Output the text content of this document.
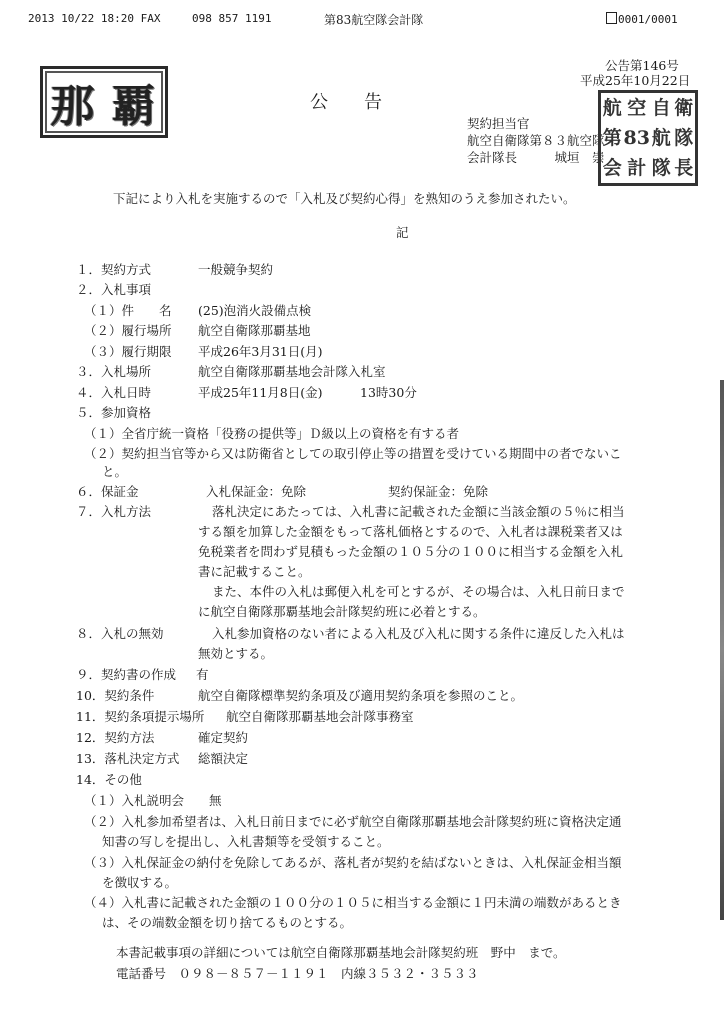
2013 10/22 18:20 FAX	098 857 1191	第83航空隊会計隊	0001/0001
那 覇
公告第146号
平成25年10月22日
公　　告
契約担当官
航空自衛隊第８３航空隊
会計隊長　　　城垣　崇
航 空 自 衛
第 83 航 隊
会 計 隊 長
下記により入札を実施するので「入札及び契約心得」を熟知のうえ参加されたい。
記
１．契約方式	一般競争契約
２．入札事項
（１）件　　名 (25)泡消火設備点検
（２）履行場所 航空自衛隊那覇基地
（３）履行期限 平成26年3月31日(月)
３．入札場所	航空自衛隊那覇基地会計隊入札室
４．入札日時	平成25年11月8日(金)　　　13時30分
５．参加資格
（１）全省庁統一資格「役務の提供等」Ｄ級以上の資格を有する者
（２）契約担当官等から又は防衛省としての取引停止等の措置を受けている期間中の者でないこ
と。
６．保証金	入札保証金：免除	契約保証金：免除
７．入札方法	落札決定にあたっては、入札書に記載された金額に当該金額の５％に相当
する額を加算した金額をもって落札価格とするので、入札者は課税業者又は
免税業者を問わず見積もった金額の１０５分の１００に相当する金額を入札
書に記載すること。
また、本件の入札は郵便入札を可とするが、その場合は、入札日前日まで
に航空自衛隊那覇基地会計隊契約班に必着とする。
８．入札の無効	入札参加資格のない者による入札及び入札に関する条件に違反した入札は
無効とする。
９．契約書の作成 有
10．契約条件	航空自衛隊標準契約条項及び適用契約条項を参照のこと。
11．契約条項提示場所 航空自衛隊那覇基地会計隊事務室
12．契約方法	確定契約
13．落札決定方式 総額決定
14．その他
（１）入札説明会　　無
（２）入札参加希望者は、入札日前日までに必ず航空自衛隊那覇基地会計隊契約班に資格決定通
知書の写しを提出し、入札書類等を受領すること。
（３）入札保証金の納付を免除してあるが、落札者が契約を結ばないときは、入札保証金相当額
を徴収する。
（４）入札書に記載された金額の１００分の１０５に相当する金額に１円未満の端数があるとき
は、その端数金額を切り捨てるものとする。
本書記載事項の詳細については航空自衛隊那覇基地会計隊契約班　野中　まで。
電話番号　０９８－８５７－１１９１　内線３５３２・３５３３
